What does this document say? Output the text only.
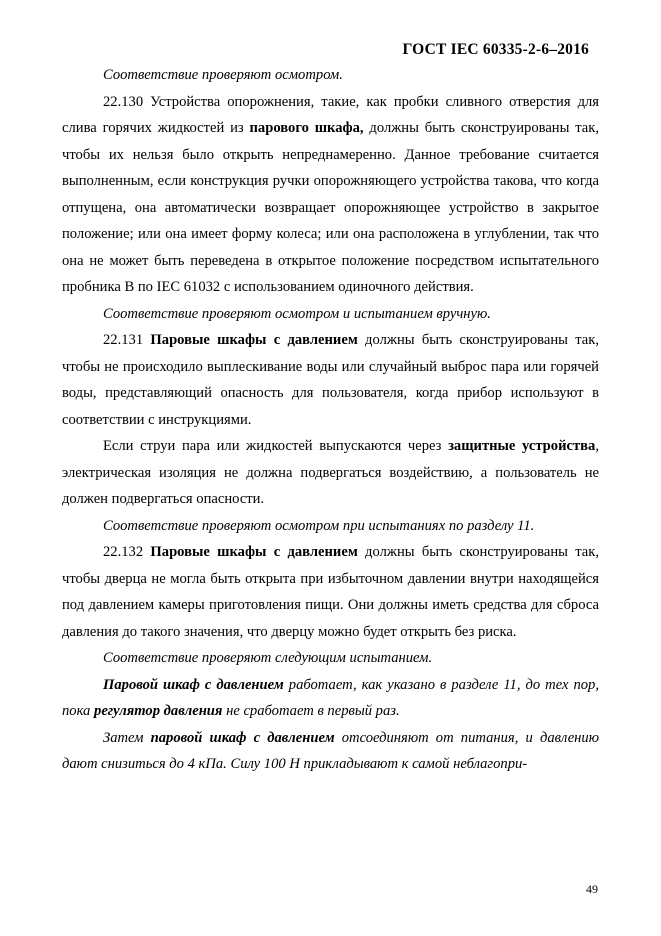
ГОСТ IEC 60335-2-6–2016

Соответствие проверяют осмотром.

22.130 Устройства опорожнения, такие, как пробки сливного отверстия для слива горячих жидкостей из парового шкафа, должны быть сконструированы так, чтобы их нельзя было открыть непреднамеренно. Данное требование считается выполненным, если конструкция ручки опорожняющего устройства такова, что когда отпущена, она автоматически возвращает опорожняющее устройство в закрытое положение; или она имеет форму колеса; или она расположена в углублении, так что она не может быть переведена в открытое положение посредством испытательного пробника В по IEC 61032 с использованием одиночного действия.

Соответствие проверяют осмотром и испытанием вручную.

22.131 Паровые шкафы с давлением должны быть сконструированы так, чтобы не происходило выплескивание воды или случайный выброс пара или горячей воды, представляющий опасность для пользователя, когда прибор используют в соответствии с инструкциями.

Если струи пара или жидкостей выпускаются через защитные устройства, электрическая изоляция не должна подвергаться воздействию, а пользователь не должен подвергаться опасности.

Соответствие проверяют осмотром при испытаниях по разделу 11.

22.132 Паровые шкафы с давлением должны быть сконструированы так, чтобы дверца не могла быть открыта при избыточном давлении внутри находящейся под давлением камеры приготовления пищи. Они должны иметь средства для сброса давления до такого значения, что дверцу можно будет открыть без риска.

Соответствие проверяют следующим испытанием.

Паровой шкаф с давлением работает, как указано в разделе 11, до тех пор, пока регулятор давления не сработает в первый раз.

Затем паровой шкаф с давлением отсоединяют от питания, и давлению дают снизиться до 4 кПа. Силу 100 Н прикладывают к самой неблагопри-

49
